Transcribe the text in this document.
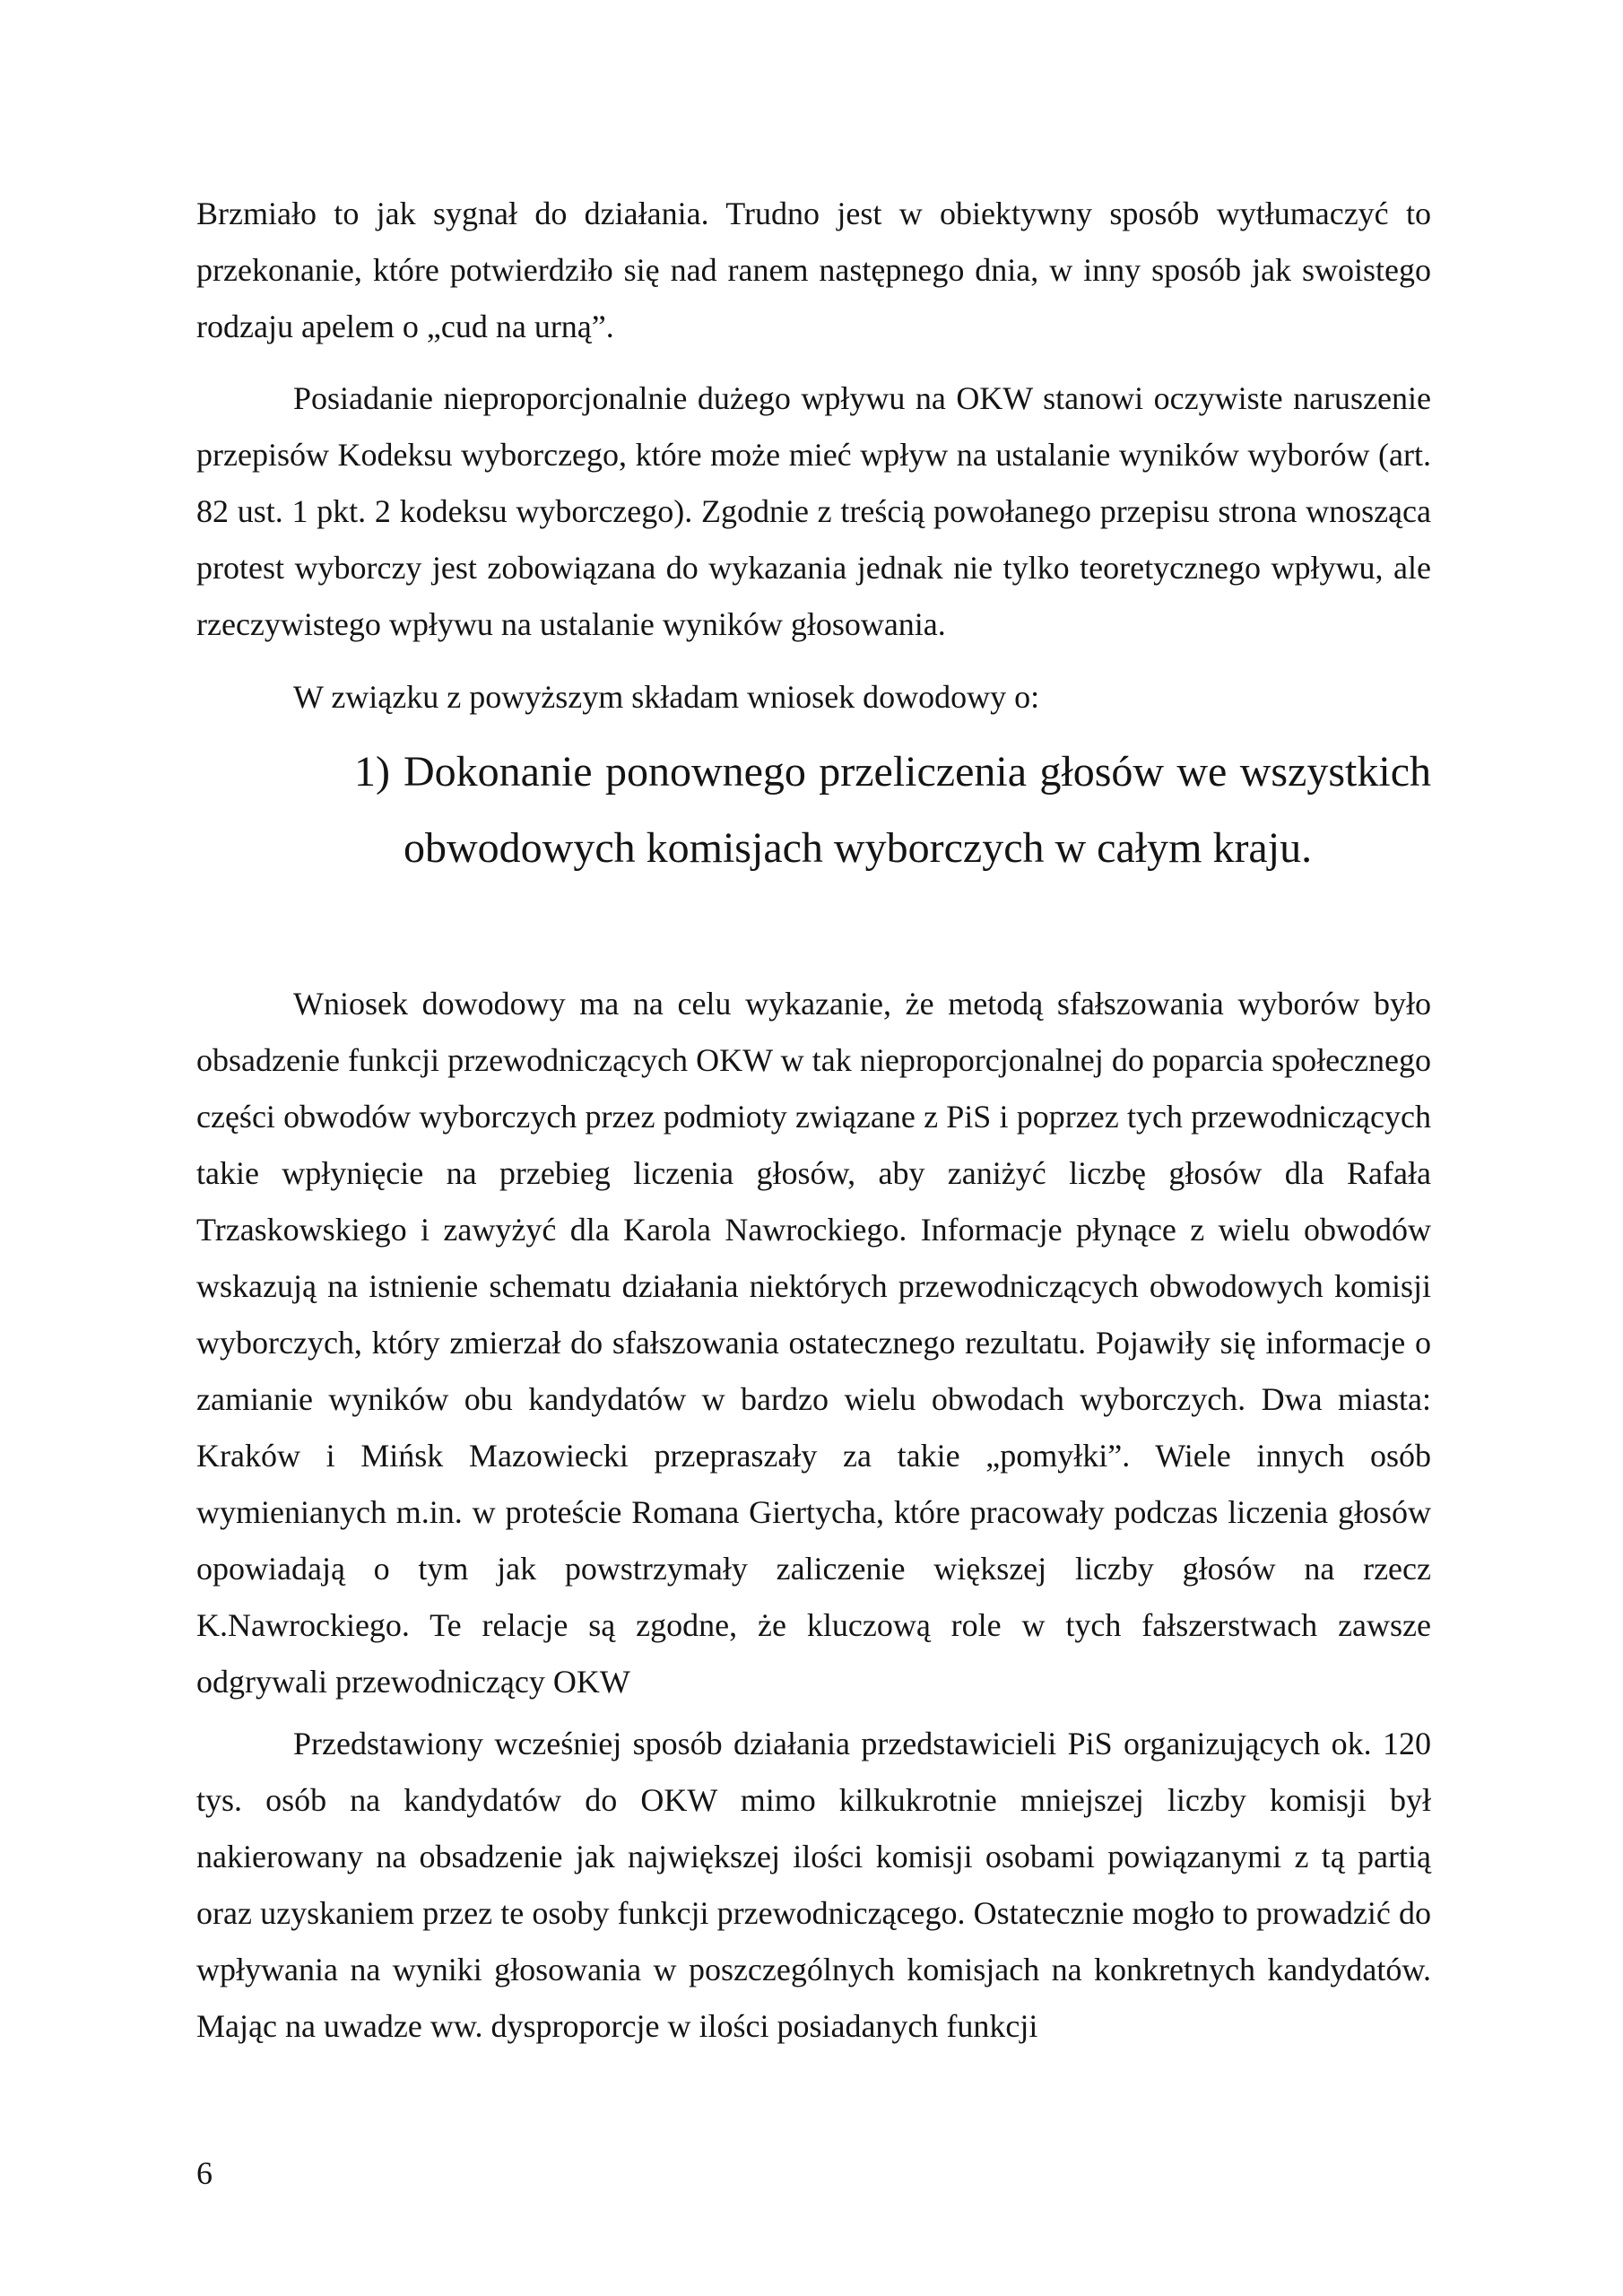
Brzmiało to jak sygnał do działania. Trudno jest w obiektywny sposób wytłumaczyć to przekonanie, które potwierdziło się nad ranem następnego dnia, w inny sposób jak swoistego rodzaju apelem o „cud na urną”.

Posiadanie nieproporcjonalnie dużego wpływu na OKW stanowi oczywiste naruszenie przepisów Kodeksu wyborczego, które może mieć wpływ na ustalanie wyników wyborów (art. 82 ust. 1 pkt. 2 kodeksu wyborczego). Zgodnie z treścią powołanego przepisu strona wnosząca protest wyborczy jest zobowiązana do wykazania jednak nie tylko teoretycznego wpływu, ale rzeczywistego wpływu na ustalanie wyników głosowania.

W związku z powyższym składam wniosek dowodowy o:

1) Dokonanie ponownego przeliczenia głosów we wszystkich obwodowych komisjach wyborczych w całym kraju.

Wniosek dowodowy ma na celu wykazanie, że metodą sfałszowania wyborów było obsadzenie funkcji przewodniczących OKW w tak nieproporcjonalnej do poparcia społecznego części obwodów wyborczych przez podmioty związane z PiS i poprzez tych przewodniczących takie wpłynięcie na przebieg liczenia głosów, aby zaniżyć liczbę głosów dla Rafała Trzaskowskiego i zawyżyć dla Karola Nawrockiego. Informacje płynące z wielu obwodów wskazują na istnienie schematu działania niektórych przewodniczących obwodowych komisji wyborczych, który zmierzał do sfałszowania ostatecznego rezultatu. Pojawiły się informacje o zamianie wyników obu kandydatów w bardzo wielu obwodach wyborczych. Dwa miasta: Kraków i Mińsk Mazowiecki przepraszały za takie „pomyłki”. Wiele innych osób wymienianych m.in. w proteście Romana Giertycha, które pracowały podczas liczenia głosów opowiadają o tym jak powstrzymały zaliczenie większej liczby głosów na rzecz K.Nawrockiego. Te relacje są zgodne, że kluczową role w tych fałszerstwach zawsze odgrywali przewodniczący OKW

Przedstawiony wcześniej sposób działania przedstawicieli PiS organizujących ok. 120 tys. osób na kandydatów do OKW mimo kilkukrotnie mniejszej liczby komisji był nakierowany na obsadzenie jak największej ilości komisji osobami powiązanymi z tą partią oraz uzyskaniem przez te osoby funkcji przewodniczącego. Ostatecznie mogło to prowadzić do wpływania na wyniki głosowania w poszczególnych komisjach na konkretnych kandydatów. Mając na uwadze ww. dysproporcje w ilości posiadanych funkcji

6
